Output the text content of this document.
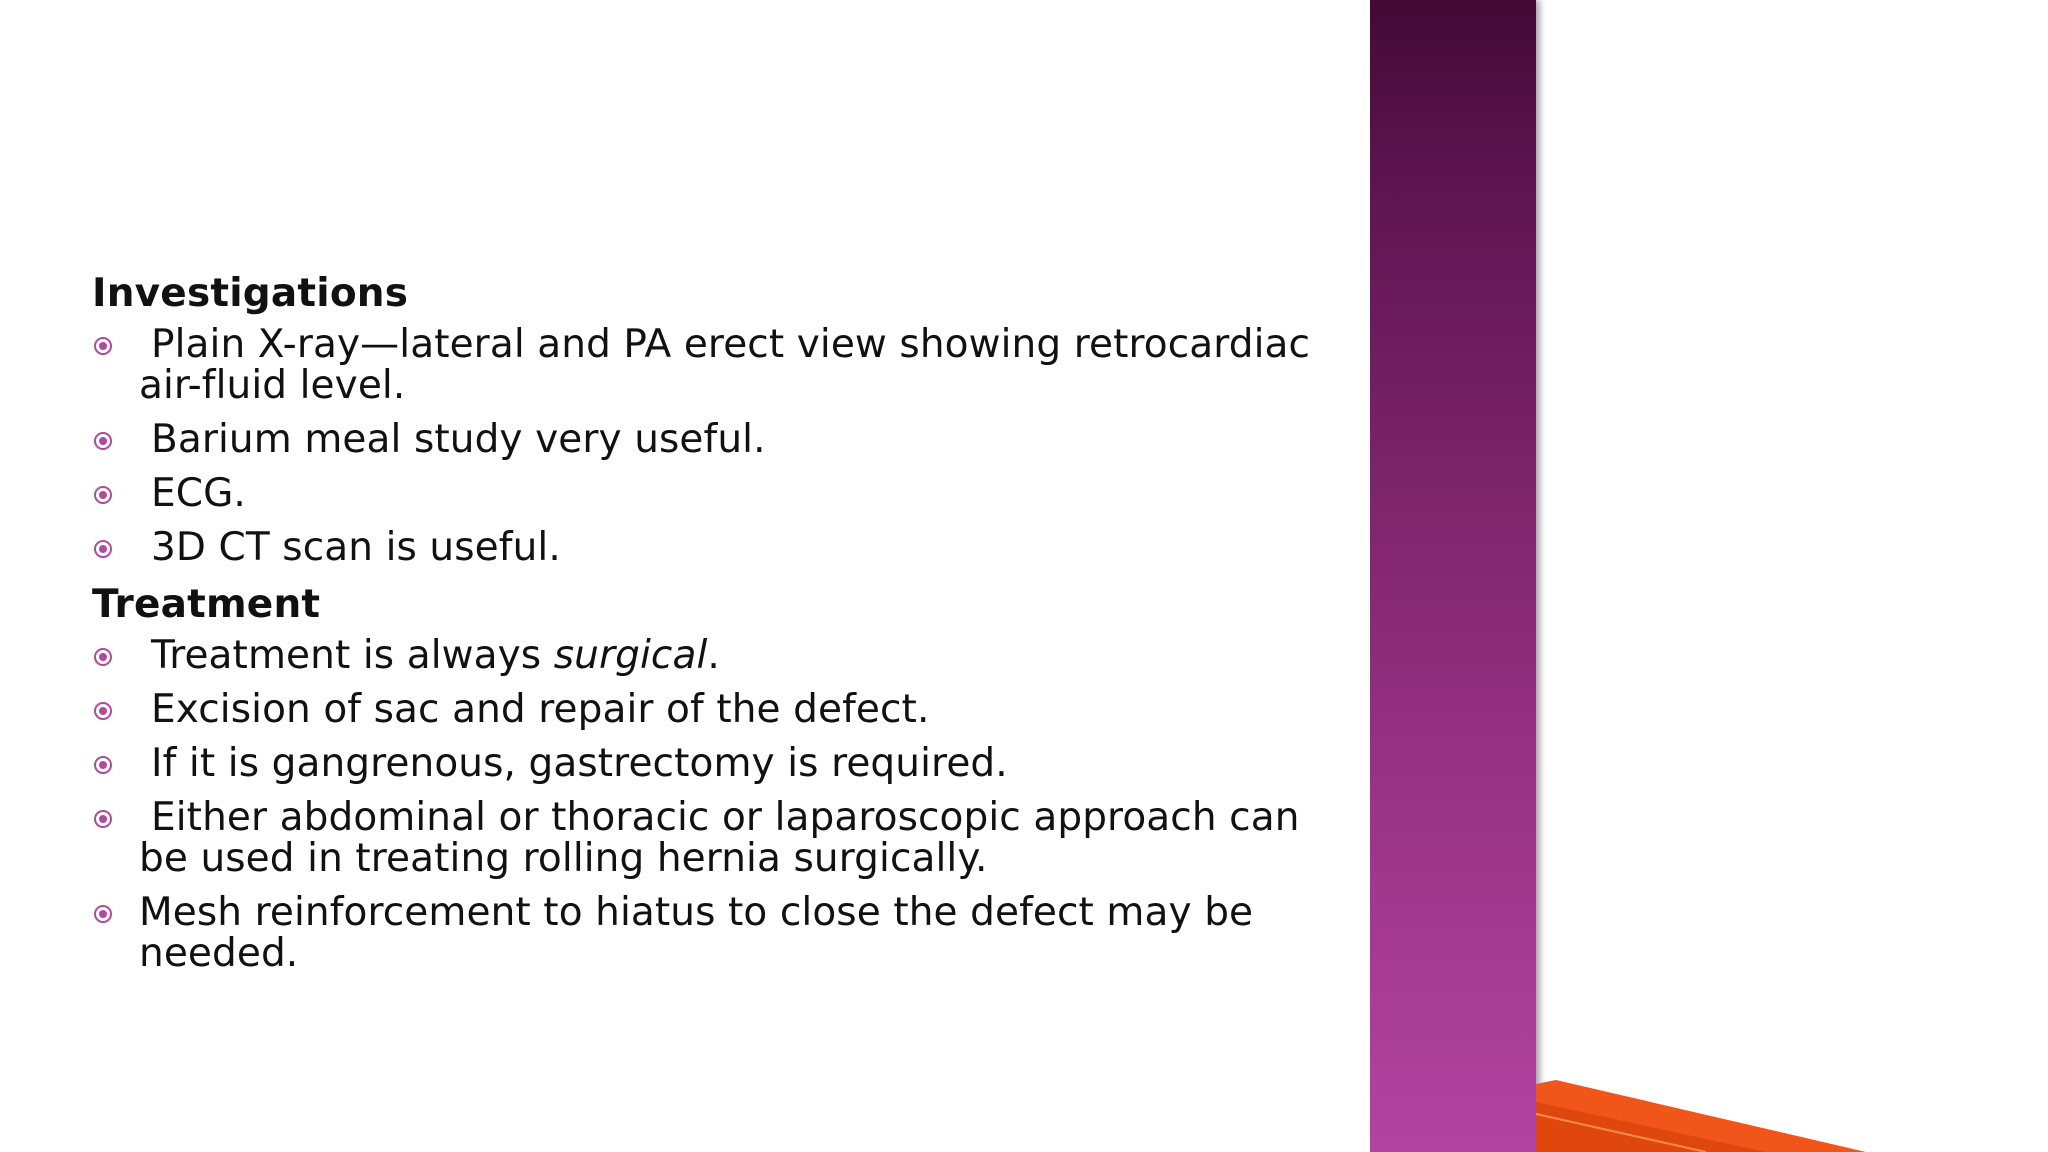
Investigations
Plain X-ray—lateral and PA erect view showing retrocardiac air-fluid level.
Barium meal study very useful.
ECG.
3D CT scan is useful.
Treatment
Treatment is always surgical.
Excision of sac and repair of the defect.
If it is gangrenous, gastrectomy is required.
Either abdominal or thoracic or laparoscopic approach can be used in treating rolling hernia surgically.
Mesh reinforcement to hiatus to close the defect may be needed.
